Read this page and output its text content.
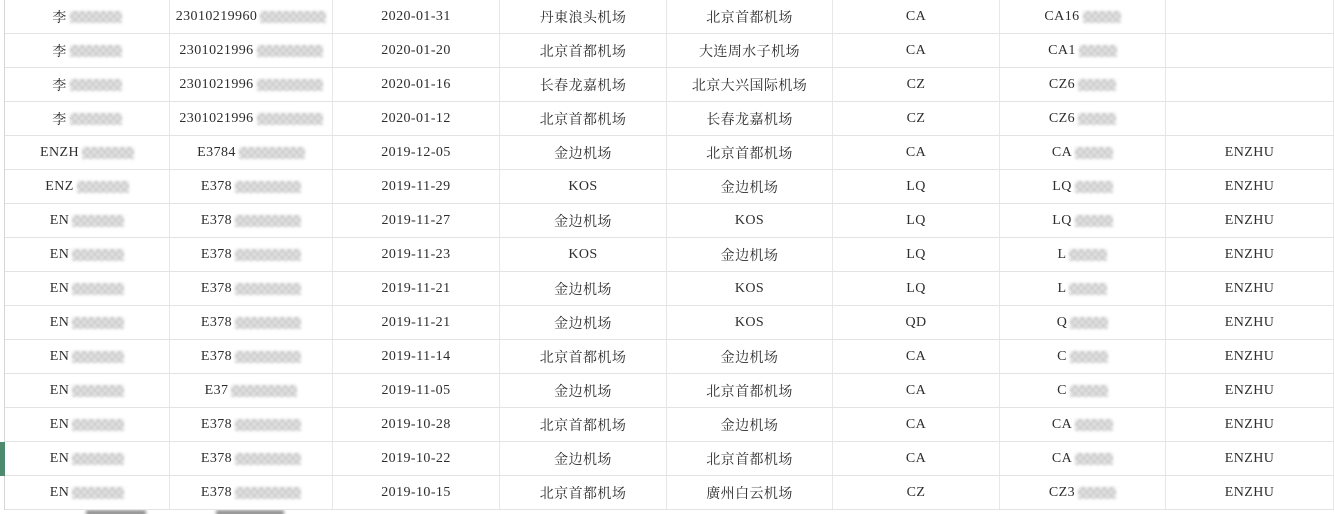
李	23010219960	2020-01-31	丹東浪头机场	北京首都机场	CA	CA16
李	2301021996	2020-01-20	北京首都机场	大连周水子机场	CA	CA1
李	2301021996	2020-01-16	长春龙嘉机场	北京大兴国际机场	CZ	CZ6
李	2301021996	2020-01-12	北京首都机场	长春龙嘉机场	CZ	CZ6
ENZH	E3784	2019-12-05	金边机场	北京首都机场	CA	CA	ENZHU
ENZ	E378	2019-11-29	KOS	金边机场	LQ	LQ	ENZHU
EN	E378	2019-11-27	金边机场	KOS	LQ	LQ	ENZHU
EN	E378	2019-11-23	KOS	金边机场	LQ	L	ENZHU
EN	E378	2019-11-21	金边机场	KOS	LQ	L	ENZHU
EN	E378	2019-11-21	金边机场	KOS	QD	Q	ENZHU
EN	E378	2019-11-14	北京首都机场	金边机场	CA	C	ENZHU
EN	E37	2019-11-05	金边机场	北京首都机场	CA	C	ENZHU
EN	E378	2019-10-28	北京首都机场	金边机场	CA	CA	ENZHU
EN	E378	2019-10-22	金边机场	北京首都机场	CA	CA	ENZHU
EN	E378	2019-10-15	北京首都机场	廣州白云机场	CZ	CZ3	ENZHU
